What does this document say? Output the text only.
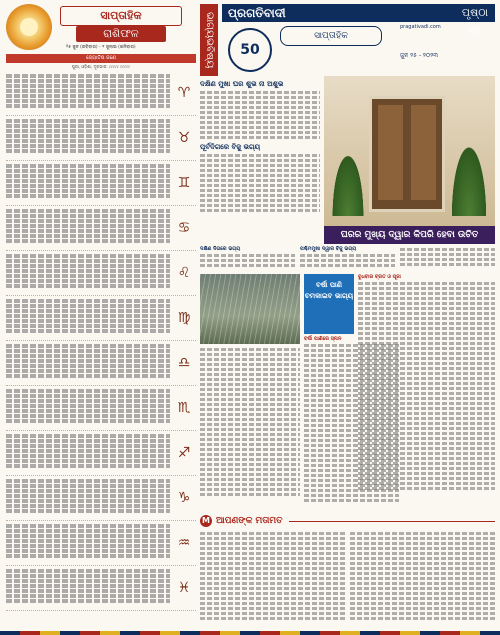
ସାପ୍ତାହିକ
ରାଶିଫଳ
୨୫ ଜୁନ (ରବିବାର) - ୧ ଜୁଲାଇ (ଶନିବାର)
ଜ୍ୟୋତିଷ ଜଣେ
ପୁରୀ, ଓଡ଼ିଶା, ଦୂରଭାଷ: ୯୯୯୯୯ ୯୯୯୯୯
♈
♉
♊
♋
♌
♍
♎
♏
♐
♑
♒
♓
ଭାଗ୍ୟଭବିଷ୍ୟ	ପ୍ରଗତିବାଦୀ	ପୃଷ୍ଠା ୧୫
pragativadi.com
50
ସାପ୍ତାହିକ
ଜୁନ ୨୫ - ୨୦୨୩
ଦକ୍ଷିଣ ମୁଖା ଘର ଶୁଭ ନା ଅଶୁଭ
ପୂର୍ବଦିଗରେ ବିଜୁ ଭଗ୍ୟ
ଘରର ମୁଖ୍ୟ ଦ୍ୱାର କିପରି ହେବା ଉଚିତ
ଦକ୍ଷିଣ ଦିଗରେ ଭଗ୍ୟ	ପଶ୍ଚିମମୁଖା ଦ୍ୱାର ବିଜୁ ଭଗ୍ୟ
ବର୍ଷା ପାଣି ଚମକାଇବ ଭାଗ୍ୟ
ବର୍ଷା ପାଣିରେ ସ୍ନାନ
ବୁଧବାର ବ୍ରତ ଓ ପୂଜା
M ଆପଣଙ୍କ ମତାମତ
